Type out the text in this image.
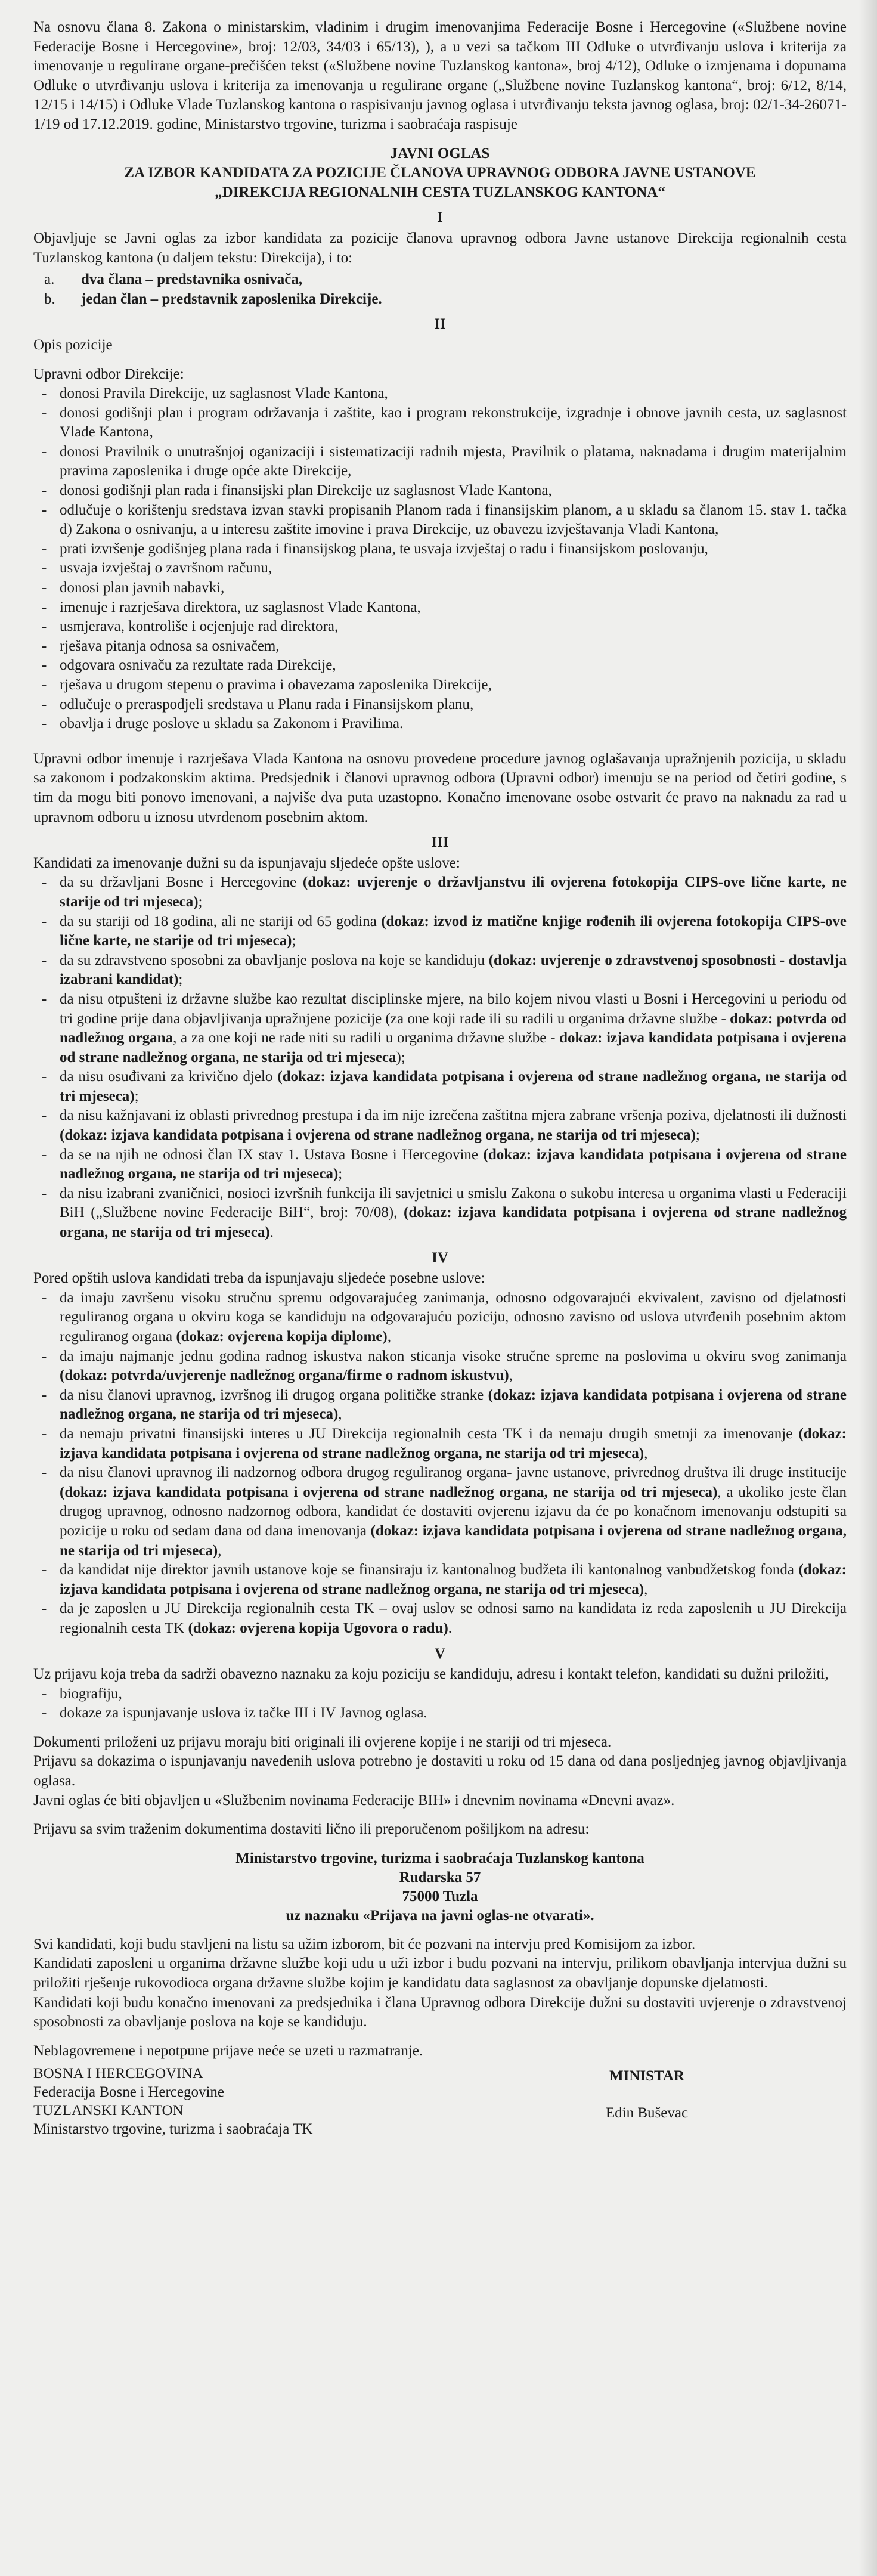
Na osnovu člana 8. Zakona o ministarskim, vladinim i drugim imenovanjima Federacije Bosne i Hercegovine («Službene novine Federacije Bosne i Hercegovine», broj: 12/03, 34/03 i 65/13), ), a u vezi sa tačkom III Odluke o utvrđivanju uslova i kriterija za imenovanje u regulirane organe-prečišćen tekst («Službene novine Tuzlanskog kantona», broj 4/12), Odluke o izmjenama i dopunama Odluke o utvrđivanju uslova i kriterija za imenovanja u regulirane organe („Službene novine Tuzlanskog kantona“, broj: 6/12, 8/14, 12/15 i 14/15) i Odluke Vlade Tuzlanskog kantona o raspisivanju javnog oglasa i utvrđivanju teksta javnog oglasa, broj: 02/1-34-26071-1/19 od 17.12.2019. godine, Ministarstvo trgovine, turizma i saobraćaja raspisuje

JAVNI OGLAS

ZA IZBOR KANDIDATA ZA POZICIJE ČLANOVA UPRAVNOG ODBORA JAVNE USTANOVE

„DIREKCIJA REGIONALNIH CESTA TUZLANSKOG KANTONA“

I

Objavljuje se Javni oglas za izbor kandidata za pozicije članova upravnog odbora Javne ustanove Direkcija regionalnih cesta Tuzlanskog kantona (u daljem tekstu: Direkcija), i to:

a. dva člana – predstavnika osnivača,
b. jedan član – predstavnik zaposlenika Direkcije.

II

Opis pozicije

Upravni odbor Direkcije:

- donosi Pravila Direkcije, uz saglasnost Vlade Kantona,
- donosi godišnji plan i program održavanja i zaštite, kao i program rekonstrukcije, izgradnje i obnove javnih cesta, uz saglasnost Vlade Kantona,
- donosi Pravilnik o unutrašnjoj oganizaciji i sistematizaciji radnih mjesta, Pravilnik o platama, naknadama i drugim materijalnim pravima zaposlenika i druge opće akte Direkcije,
- donosi godišnji plan rada i finansijski plan Direkcije uz saglasnost Vlade Kantona,
- odlučuje o korištenju sredstava izvan stavki propisanih Planom rada i finansijskim planom, a u skladu sa članom 15. stav 1. tačka d) Zakona o osnivanju, a u interesu zaštite imovine i prava Direkcije, uz obavezu izvještavanja Vladi Kantona,
- prati izvršenje godišnjeg plana rada i finansijskog plana, te usvaja izvještaj o radu i finansijskom poslovanju,
- usvaja izvještaj o završnom računu,
- donosi plan javnih nabavki,
- imenuje i razrješava direktora, uz saglasnost Vlade Kantona,
- usmjerava, kontroliše i ocjenjuje rad direktora,
- rješava pitanja odnosa sa osnivačem,
- odgovara osnivaču za rezultate rada Direkcije,
- rješava u drugom stepenu o pravima i obavezama zaposlenika Direkcije,
- odlučuje o preraspodjeli sredstava u Planu rada i Finansijskom planu,
- obavlja i druge poslove u skladu sa Zakonom i Pravilima.

Upravni odbor imenuje i razrješava Vlada Kantona na osnovu provedene procedure javnog oglašavanja upražnjenih pozicija, u skladu sa zakonom i podzakonskim aktima. Predsjednik i članovi upravnog odbora (Upravni odbor) imenuju se na period od četiri godine, s tim da mogu biti ponovo imenovani, a najviše dva puta uzastopno. Konačno imenovane osobe ostvarit će pravo na naknadu za rad u upravnom odboru u iznosu utvrđenom posebnim aktom.

III

Kandidati za imenovanje dužni su da ispunjavaju sljedeće opšte uslove:

- da su državljani Bosne i Hercegovine (dokaz: uvjerenje o državljanstvu ili ovjerena fotokopija CIPS-ove lične karte, ne starije od tri mjeseca);
- da su stariji od 18 godina, ali ne stariji od 65 godina (dokaz: izvod iz matične knjige rođenih ili ovjerena fotokopija CIPS-ove lične karte, ne starije od tri mjeseca);
- da su zdravstveno sposobni za obavljanje poslova na koje se kandiduju (dokaz: uvjerenje o zdravstvenoj sposobnosti - dostavlja izabrani kandidat);
- da nisu otpušteni iz državne službe kao rezultat disciplinske mjere, na bilo kojem nivou vlasti u Bosni i Hercegovini u periodu od tri godine prije dana objavljivanja upražnjene pozicije (za one koji rade ili su radili u organima državne službe - dokaz: potvrda od nadležnog organa, a za one koji ne rade niti su radili u organima državne službe - dokaz: izjava kandidata potpisana i ovjerena od strane nadležnog organa, ne starija od tri mjeseca);
- da nisu osuđivani za krivično djelo (dokaz: izjava kandidata potpisana i ovjerena od strane nadležnog organa, ne starija od tri mjeseca);
- da nisu kažnjavani iz oblasti privrednog prestupa i da im nije izrečena zaštitna mjera zabrane vršenja poziva, djelatnosti ili dužnosti (dokaz: izjava kandidata potpisana i ovjerena od strane nadležnog organa, ne starija od tri mjeseca);
- da se na njih ne odnosi član IX stav 1. Ustava Bosne i Hercegovine (dokaz: izjava kandidata potpisana i ovjerena od strane nadležnog organa, ne starija od tri mjeseca);
- da nisu izabrani zvaničnici, nosioci izvršnih funkcija ili savjetnici u smislu Zakona o sukobu interesa u organima vlasti u Federaciji BiH („Službene novine Federacije BiH“, broj: 70/08), (dokaz: izjava kandidata potpisana i ovjerena od strane nadležnog organa, ne starija od tri mjeseca).

IV

Pored opštih uslova kandidati treba da ispunjavaju sljedeće posebne uslove:

- da imaju završenu visoku stručnu spremu odgovarajućeg zanimanja, odnosno odgovarajući ekvivalent, zavisno od djelatnosti reguliranog organa u okviru koga se kandiduju na odgovarajuću poziciju, odnosno zavisno od uslova utvrđenih posebnim aktom reguliranog organa (dokaz: ovjerena kopija diplome),
- da imaju najmanje jednu godina radnog iskustva nakon sticanja visoke stručne spreme na poslovima u okviru svog zanimanja (dokaz: potvrda/uvjerenje nadležnog organa/firme o radnom iskustvu),
- da nisu članovi upravnog, izvršnog ili drugog organa političke stranke (dokaz: izjava kandidata potpisana i ovjerena od strane nadležnog organa, ne starija od tri mjeseca),
- da nemaju privatni finansijski interes u JU Direkcija regionalnih cesta TK i da nemaju drugih smetnji za imenovanje (dokaz: izjava kandidata potpisana i ovjerena od strane nadležnog organa, ne starija od tri mjeseca),
- da nisu članovi upravnog ili nadzornog odbora drugog reguliranog organa- javne ustanove, privrednog društva ili druge institucije (dokaz: izjava kandidata potpisana i ovjerena od strane nadležnog organa, ne starija od tri mjeseca), a ukoliko jeste član drugog upravnog, odnosno nadzornog odbora, kandidat će dostaviti ovjerenu izjavu da će po konačnom imenovanju odstupiti sa pozicije u roku od sedam dana od dana imenovanja (dokaz: izjava kandidata potpisana i ovjerena od strane nadležnog organa, ne starija od tri mjeseca),
- da kandidat nije direktor javnih ustanove koje se finansiraju iz kantonalnog budžeta ili kantonalnog vanbudžetskog fonda (dokaz: izjava kandidata potpisana i ovjerena od strane nadležnog organa, ne starija od tri mjeseca),
- da je zaposlen u JU Direkcija regionalnih cesta TK – ovaj uslov se odnosi samo na kandidata iz reda zaposlenih u JU Direkcija regionalnih cesta TK (dokaz: ovjerena kopija Ugovora o radu).

V

Uz prijavu koja treba da sadrži obavezno naznaku za koju poziciju se kandiduju, adresu i kontakt telefon, kandidati su dužni priložiti,

- biografiju,
- dokaze za ispunjavanje uslova iz tačke III i IV Javnog oglasa.

Dokumenti priloženi uz prijavu moraju biti originali ili ovjerene kopije i ne stariji od tri mjeseca.

Prijavu sa dokazima o ispunjavanju navedenih uslova potrebno je dostaviti u roku od 15 dana od dana posljednjeg javnog objavljivanja oglasa.

Javni oglas će biti objavljen u «Službenim novinama Federacije BIH» i dnevnim novinama «Dnevni avaz».

Prijavu sa svim traženim dokumentima dostaviti lično ili preporučenom pošiljkom na adresu:

Ministarstvo trgovine, turizma i saobraćaja Tuzlanskog kantona

Rudarska 57

75000 Tuzla

uz naznaku «Prijava na javni oglas-ne otvarati».

Svi kandidati, koji budu stavljeni na listu sa užim izborom, bit će pozvani na intervju pred Komisijom za izbor.

Kandidati zaposleni u organima državne službe koji udu u uži izbor i budu pozvani na intervju, prilikom obavljanja intervjua dužni su priložiti rješenje rukovodioca organa državne službe kojim je kandidatu data saglasnost za obavljanje dopunske djelatnosti.

Kandidati koji budu konačno imenovani za predsjednika i člana Upravnog odbora Direkcije dužni su dostaviti uvjerenje o zdravstvenoj sposobnosti za obavljanje poslova na koje se kandiduju.

Neblagovremene i nepotpune prijave neće se uzeti u razmatranje.

BOSNA I HERCEGOVINA
Federacija Bosne i Hercegovine
TUZLANSKI KANTON
Ministarstvo trgovine, turizma i saobraćaja TK
MINISTAR
Edin Buševac
